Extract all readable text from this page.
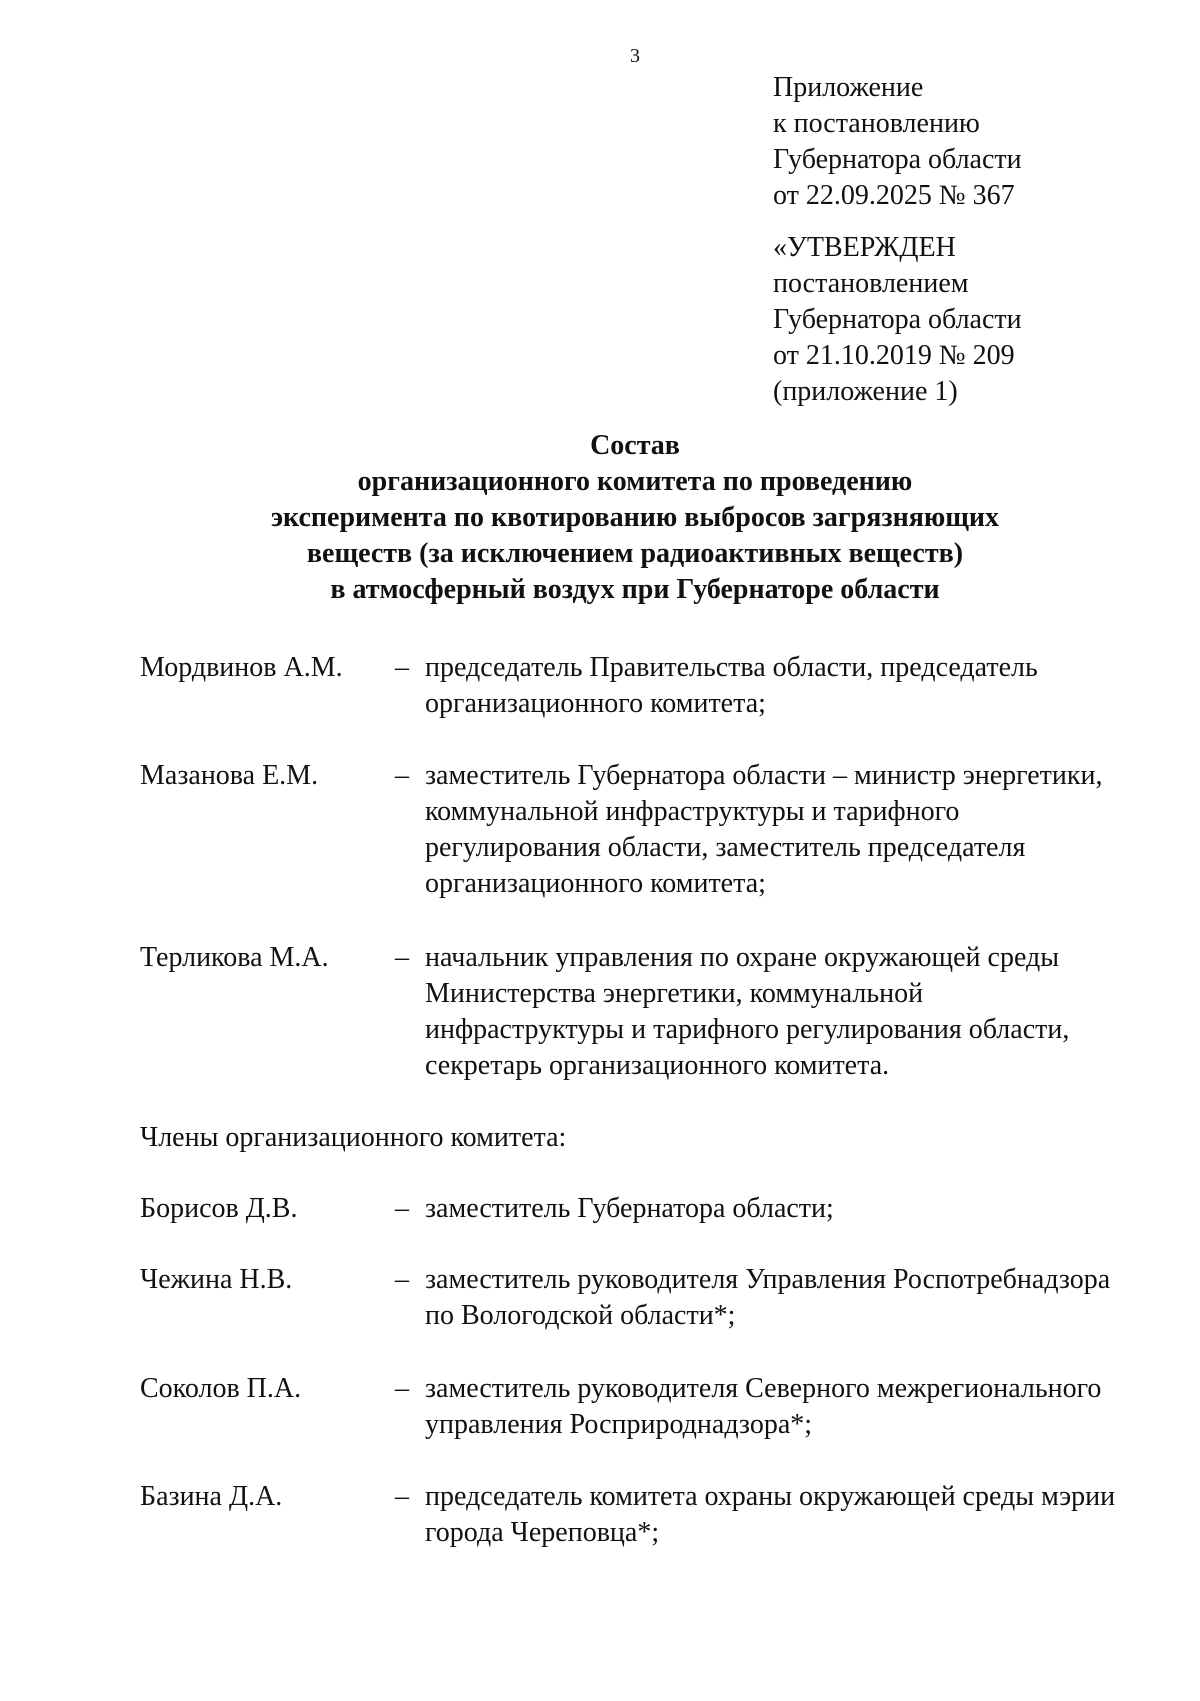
3
Приложение
к постановлению
Губернатора области
от 22.09.2025 № 367
«УТВЕРЖДЕН
постановлением
Губернатора области
от 21.10.2019 № 209
(приложение 1)
Состав
организационного комитета по проведению
эксперимента по квотированию выбросов загрязняющих
веществ (за исключением радиоактивных веществ)
в атмосферный воздух при Губернаторе области
Мордвинов А.М. – председатель Правительства области, председатель
организационного комитета;
Мазанова Е.М.	– заместитель Губернатора области – министр энергетики,
коммунальной инфраструктуры и тарифного
регулирования области, заместитель председателя
организационного комитета;
Терликова М.А. – начальник управления по охране окружающей среды
Министерства энергетики, коммунальной
инфраструктуры и тарифного регулирования области,
секретарь организационного комитета.
Члены организационного комитета:
Борисов Д.В.	– заместитель Губернатора области;
Чежина Н.В.	– заместитель руководителя Управления Роспотребнадзора
по Вологодской области*;
Соколов П.А.	– заместитель руководителя Северного межрегионального
управления Росприроднадзора*;
Базина Д.А.	– председатель комитета охраны окружающей среды мэрии
города Череповца*;
